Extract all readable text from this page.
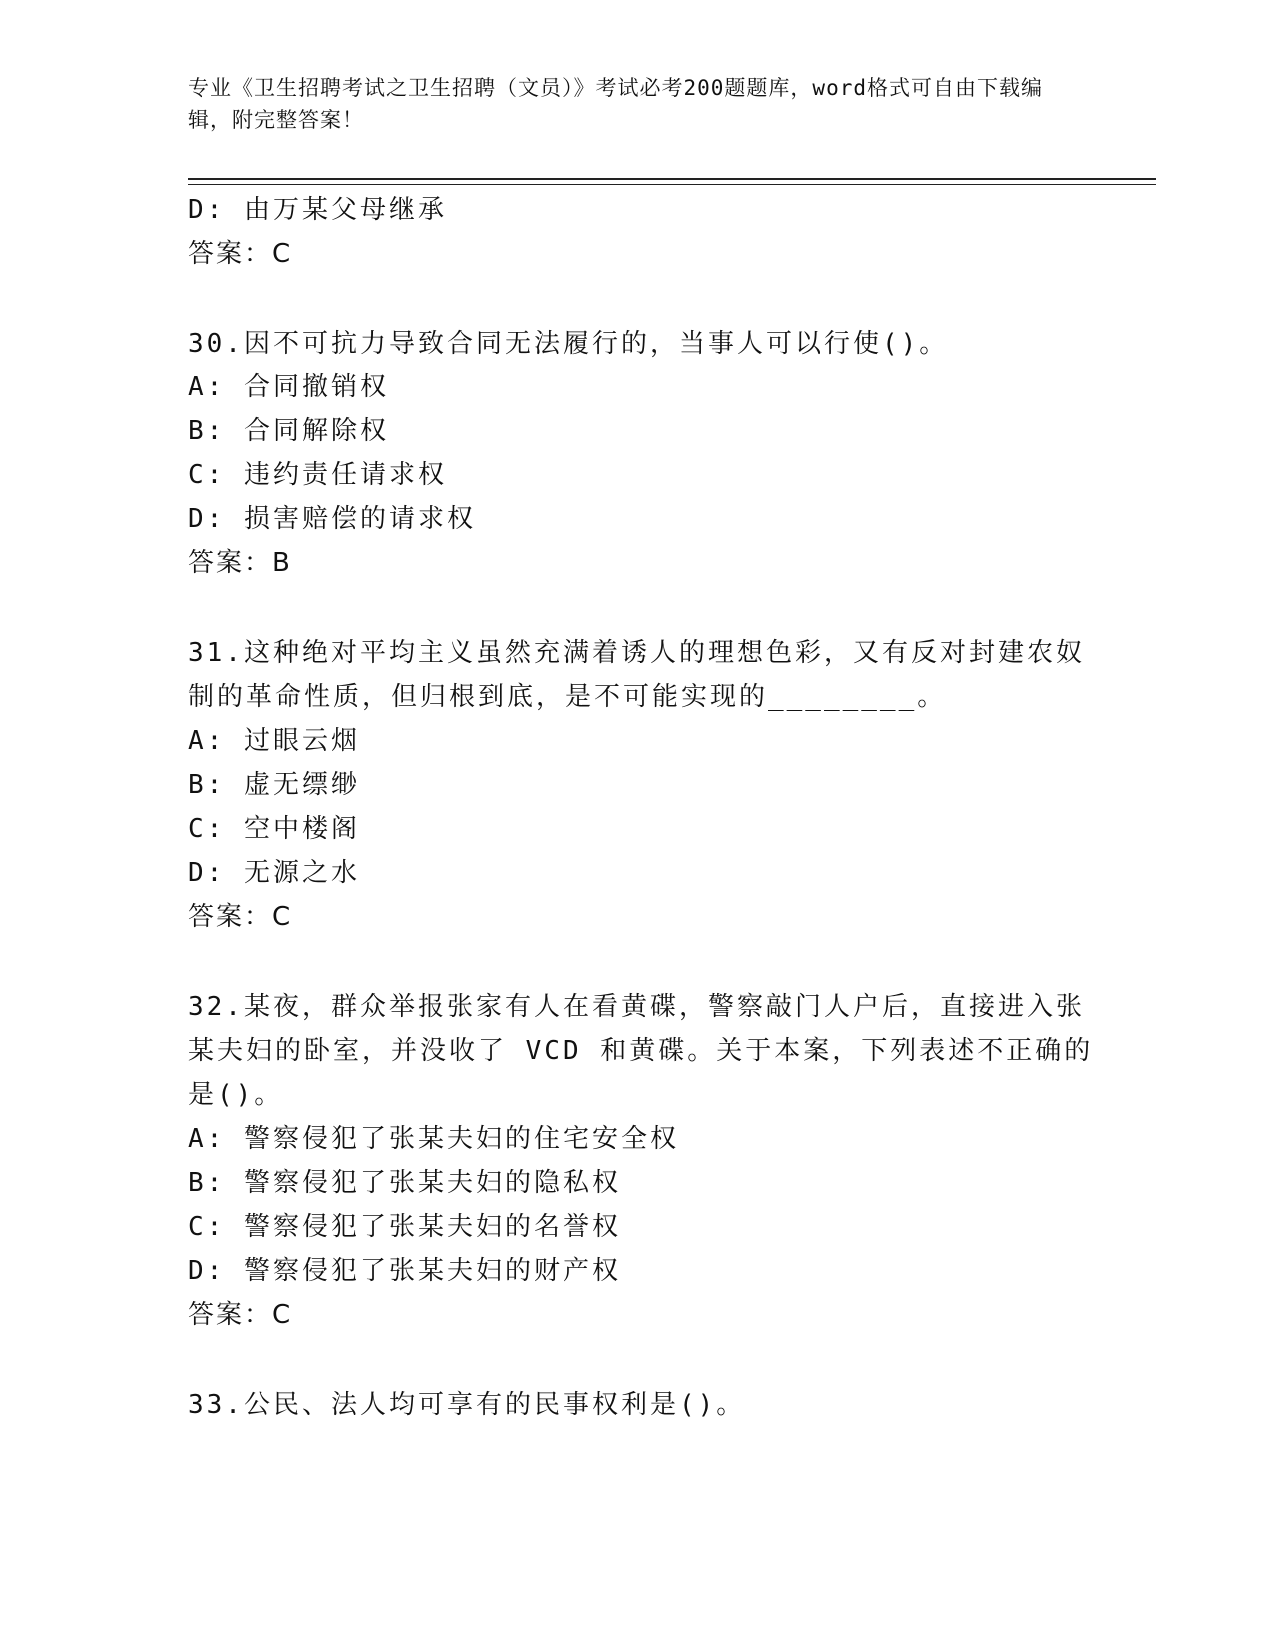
专业《卫生招聘考试之卫生招聘（文员）》考试必考200题题库，word格式可自由下载编辑，附完整答案！

D: 由万某父母继承
答案：C
30.因不可抗力导致合同无法履行的，当事人可以行使()。
A: 合同撤销权
B: 合同解除权
C: 违约责任请求权
D: 损害赔偿的请求权
答案：B
31.这种绝对平均主义虽然充满着诱人的理想色彩，又有反对封建农奴
制的革命性质，但归根到底，是不可能实现的________。
A: 过眼云烟
B: 虚无缥缈
C: 空中楼阁
D: 无源之水
答案：C
32.某夜，群众举报张家有人在看黄碟，警察敲门人户后，直接进入张
某夫妇的卧室，并没收了 VCD 和黄碟。关于本案，下列表述不正确的
是()。
A: 警察侵犯了张某夫妇的住宅安全权
B: 警察侵犯了张某夫妇的隐私权
C: 警察侵犯了张某夫妇的名誉权
D: 警察侵犯了张某夫妇的财产权
答案：C
33.公民、法人均可享有的民事权利是()。
